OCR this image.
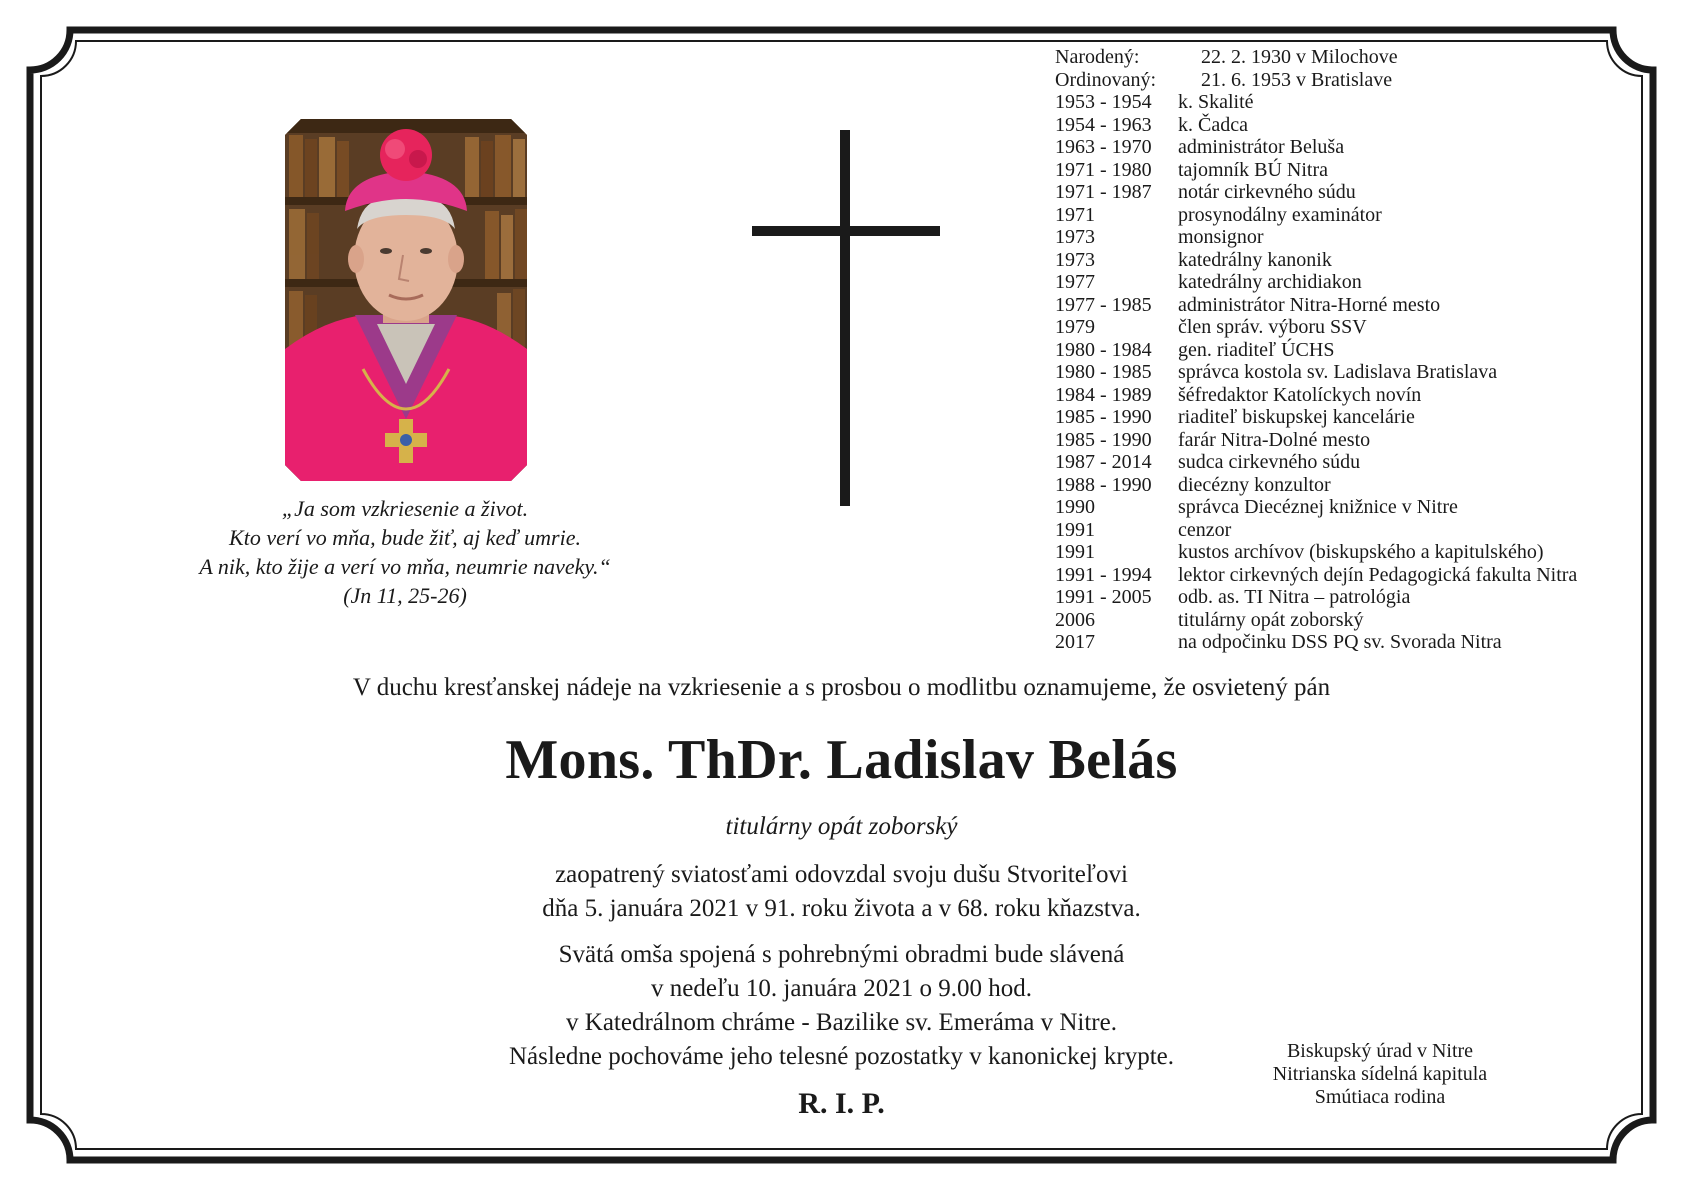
„Ja som vzkriesenie a život.
Kto verí vo mňa, bude žiť, aj keď umrie.
A nik, kto žije a verí vo mňa, neumrie naveky.“
(Jn 11, 25-26)
Narodený:	22. 2. 1930 v Milochove
Ordinovaný:	21. 6. 1953 v Bratislave
1953 - 1954	k. Skalité
1954 - 1963	k. Čadca
1963 - 1970	administrátor Beluša
1971 - 1980	tajomník BÚ Nitra
1971 - 1987	notár cirkevného súdu
1971	prosynodálny examinátor
1973	monsignor
1973	katedrálny kanonik
1977	katedrálny archidiakon
1977 - 1985	administrátor Nitra-Horné mesto
1979	člen správ. výboru SSV
1980 - 1984	gen. riaditeľ ÚCHS
1980 - 1985	správca kostola sv. Ladislava Bratislava
1984 - 1989	šéfredaktor Katolíckych novín
1985 - 1990	riaditeľ biskupskej kancelárie
1985 - 1990	farár Nitra-Dolné mesto
1987 - 2014	sudca cirkevného súdu
1988 - 1990	diecézny konzultor
1990	správca Diecéznej knižnice v Nitre
1991	cenzor
1991	kustos archívov (biskupského a kapitulského)
1991 - 1994	lektor cirkevných dejín Pedagogická fakulta Nitra
1991 - 2005	odb. as. TI Nitra – patrológia
2006	titulárny opát zoborský
2017	na odpočinku DSS PQ sv. Svorada Nitra
V duchu kresťanskej nádeje na vzkriesenie a s prosbou o modlitbu oznamujeme, že osvietený pán
Mons. ThDr. Ladislav Belás
titulárny opát zoborský
zaopatrený sviatosťami odovzdal svoju dušu Stvoriteľovi
dňa 5. januára 2021 v 91. roku života a v 68. roku kňazstva.
Svätá omša spojená s pohrebnými obradmi bude slávená
v nedeľu 10. januára 2021 o 9.00 hod.
v Katedrálnom chráme - Bazilike sv. Emeráma v Nitre.
Následne pochováme jeho telesné pozostatky v kanonickej krypte.
R. I. P.
Biskupský úrad v Nitre
Nitrianska sídelná kapitula
Smútiaca rodina
